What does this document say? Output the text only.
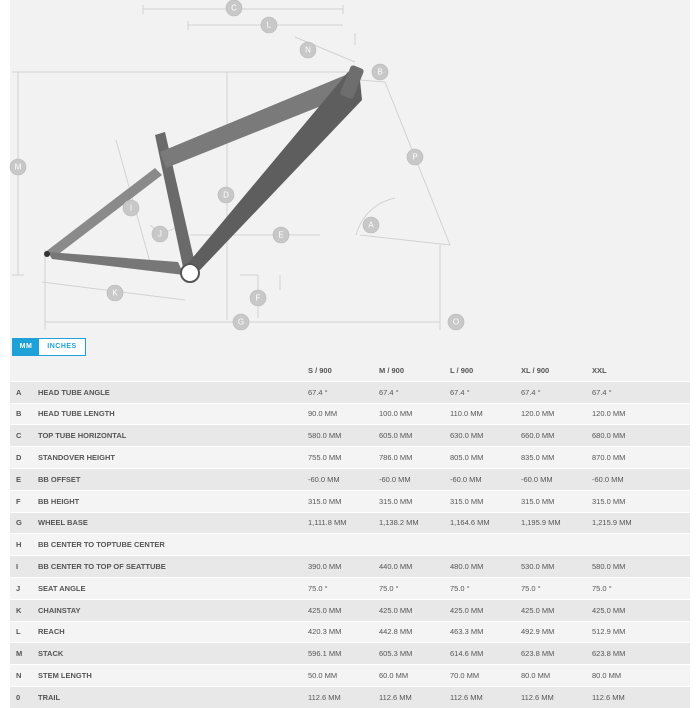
C
L
N
B
P
M
I
D
J	E
A
K
F
G	O
MM	INCHES
		S / 900	M / 900	L / 900	XL / 900	XXL
A	HEAD TUBE ANGLE	67.4 °	67.4 °	67.4 °	67.4 °	67.4 °
B	HEAD TUBE LENGTH	90.0 MM	100.0 MM	110.0 MM	120.0 MM	120.0 MM
C	TOP TUBE HORIZONTAL	580.0 MM	605.0 MM	630.0 MM	660.0 MM	680.0 MM
D	STANDOVER HEIGHT	755.0 MM	786.0 MM	805.0 MM	835.0 MM	870.0 MM
E	BB OFFSET	-60.0 MM	-60.0 MM	-60.0 MM	-60.0 MM	-60.0 MM
F	BB HEIGHT	315.0 MM	315.0 MM	315.0 MM	315.0 MM	315.0 MM
G	WHEEL BASE	1,111.8 MM	1,138.2 MM	1,164.6 MM	1,195.9 MM	1,215.9 MM
H	BB CENTER TO TOPTUBE CENTER					
I	BB CENTER TO TOP OF SEATTUBE	390.0 MM	440.0 MM	480.0 MM	530.0 MM	580.0 MM
J	SEAT ANGLE	75.0 °	75.0 °	75.0 °	75.0 °	75.0 °
K	CHAINSTAY	425.0 MM	425.0 MM	425.0 MM	425.0 MM	425.0 MM
L	REACH	420.3 MM	442.8 MM	463.3 MM	492.9 MM	512.9 MM
M	STACK	596.1 MM	605.3 MM	614.6 MM	623.8 MM	623.8 MM
N	STEM LENGTH	50.0 MM	60.0 MM	70.0 MM	80.0 MM	80.0 MM
0	TRAIL	112.6 MM	112.6 MM	112.6 MM	112.6 MM	112.6 MM
